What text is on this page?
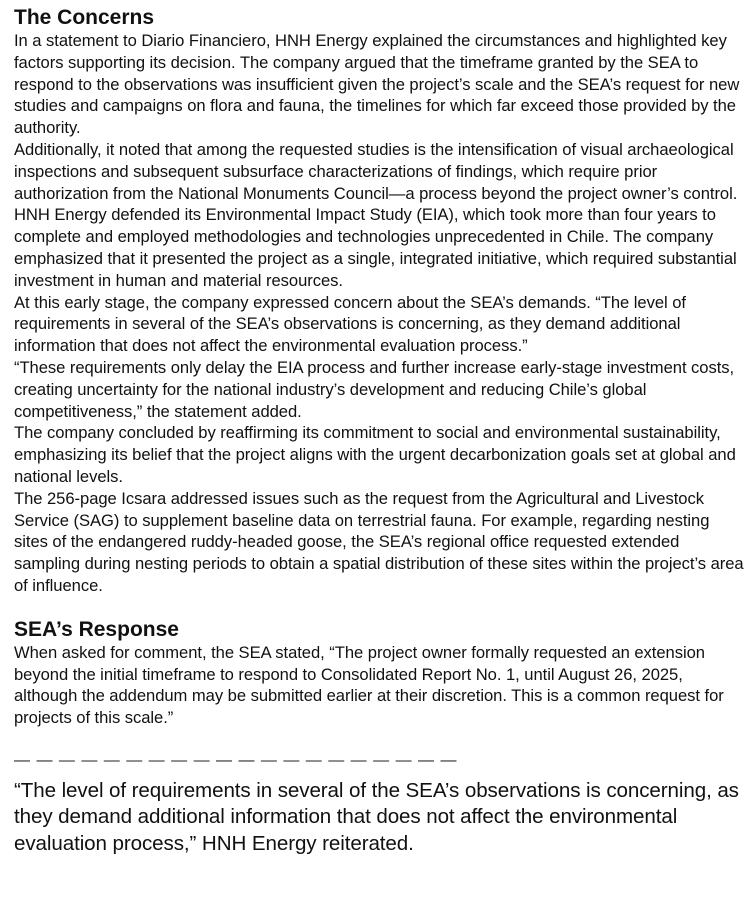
The Concerns

In a statement to Diario Financiero, HNH Energy explained the circumstances and highlighted key factors supporting its decision. The company argued that the timeframe granted by the SEA to respond to the observations was insufficient given the project’s scale and the SEA’s request for new studies and campaigns on flora and fauna, the timelines for which far exceed those provided by the authority.

Additionally, it noted that among the requested studies is the intensification of visual archaeological inspections and subsequent subsurface characterizations of findings, which require prior authorization from the National Monuments Council—a process beyond the project owner’s control.

HNH Energy defended its Environmental Impact Study (EIA), which took more than four years to complete and employed methodologies and technologies unprecedented in Chile. The company emphasized that it presented the project as a single, integrated initiative, which required substantial investment in human and material resources.

At this early stage, the company expressed concern about the SEA’s demands. “The level of requirements in several of the SEA’s observations is concerning, as they demand additional information that does not affect the environmental evaluation process.”

“These requirements only delay the EIA process and further increase early-stage investment costs, creating uncertainty for the national industry’s development and reducing Chile’s global competitiveness,” the statement added.

The company concluded by reaffirming its commitment to social and environmental sustainability, emphasizing its belief that the project aligns with the urgent decarbonization goals set at global and national levels.

The 256-page Icsara addressed issues such as the request from the Agricultural and Livestock Service (SAG) to supplement baseline data on terrestrial fauna. For example, regarding nesting sites of the endangered ruddy-headed goose, the SEA’s regional office requested extended sampling during nesting periods to obtain a spatial distribution of these sites within the project’s area of influence.

SEA’s Response

When asked for comment, the SEA stated, “The project owner formally requested an extension beyond the initial timeframe to respond to Consolidated Report No. 1, until August 26, 2025, although the addendum may be submitted earlier at their discretion. This is a common request for projects of this scale.”

— — — — — — — — — — — — — — — — — — — —

“The level of requirements in several of the SEA’s observations is concerning, as they demand additional information that does not affect the environmental evaluation process,” HNH Energy reiterated.
